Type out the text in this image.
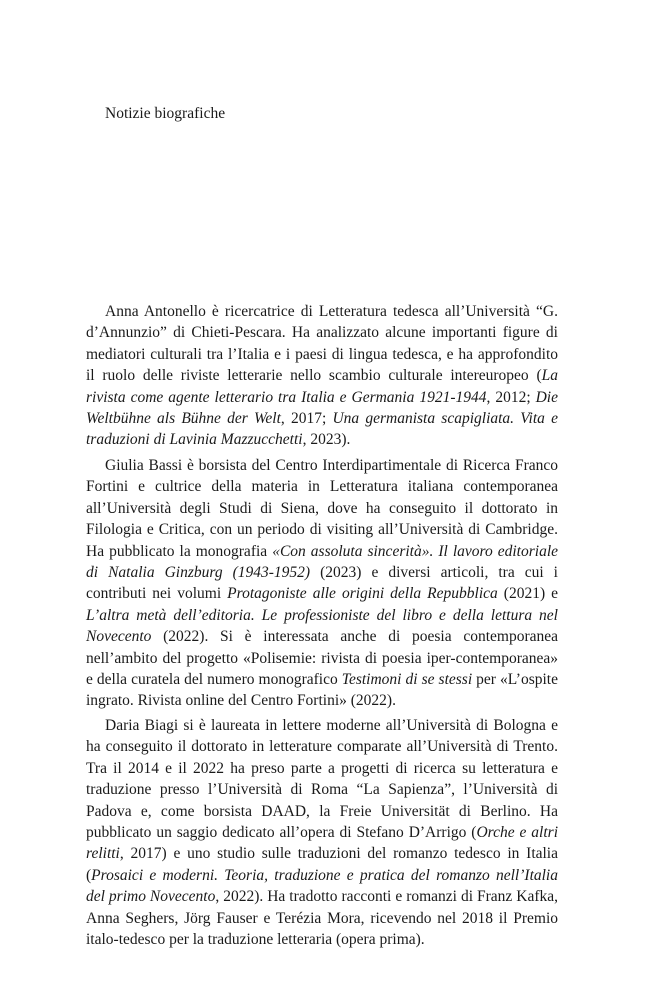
Notizie biografiche

Anna Antonello è ricercatrice di Letteratura tedesca all’Università “G. d’Annunzio” di Chieti-Pescara. Ha analizzato alcune importanti figure di mediatori culturali tra l’Italia e i paesi di lingua tedesca, e ha approfondito il ruolo delle riviste letterarie nello scambio culturale intereuropeo (La rivista come agente letterario tra Italia e Germania 1921-1944, 2012; Die Weltbühne als Bühne der Welt, 2017; Una germanista scapigliata. Vita e traduzioni di Lavinia Mazzucchetti, 2023).

Giulia Bassi è borsista del Centro Interdipartimentale di Ricerca Franco Fortini e cultrice della materia in Letteratura italiana contemporanea all’Università degli Studi di Siena, dove ha conseguito il dottorato in Filologia e Critica, con un periodo di visiting all’Università di Cambridge. Ha pubblicato la monografia «Con assoluta sincerità». Il lavoro editoriale di Natalia Ginzburg (1943-1952) (2023) e diversi articoli, tra cui i contributi nei volumi Protagoniste alle origini della Repubblica (2021) e L’altra metà dell’editoria. Le professioniste del libro e della lettura nel Novecento (2022). Si è interessata anche di poesia contemporanea nell’ambito del progetto «Polisemie: rivista di poesia iper-contemporanea» e della curatela del numero monografico Testimoni di se stessi per «L’ospite ingrato. Rivista online del Centro Fortini» (2022).

Daria Biagi si è laureata in lettere moderne all’Università di Bologna e ha conseguito il dottorato in letterature comparate all’Università di Trento. Tra il 2014 e il 2022 ha preso parte a progetti di ricerca su letteratura e traduzione presso l’Università di Roma “La Sapienza”, l’Università di Padova e, come borsista DAAD, la Freie Universität di Berlino. Ha pubblicato un saggio dedicato all’opera di Stefano D’Arrigo (Orche e altri relitti, 2017) e uno studio sulle traduzioni del romanzo tedesco in Italia (Prosaici e moderni. Teoria, traduzione e pratica del romanzo nell’Italia del primo Novecento, 2022). Ha tradotto racconti e romanzi di Franz Kafka, Anna Seghers, Jörg Fauser e Terézia Mora, ricevendo nel 2018 il Premio italo-tedesco per la traduzione letteraria (opera prima).
